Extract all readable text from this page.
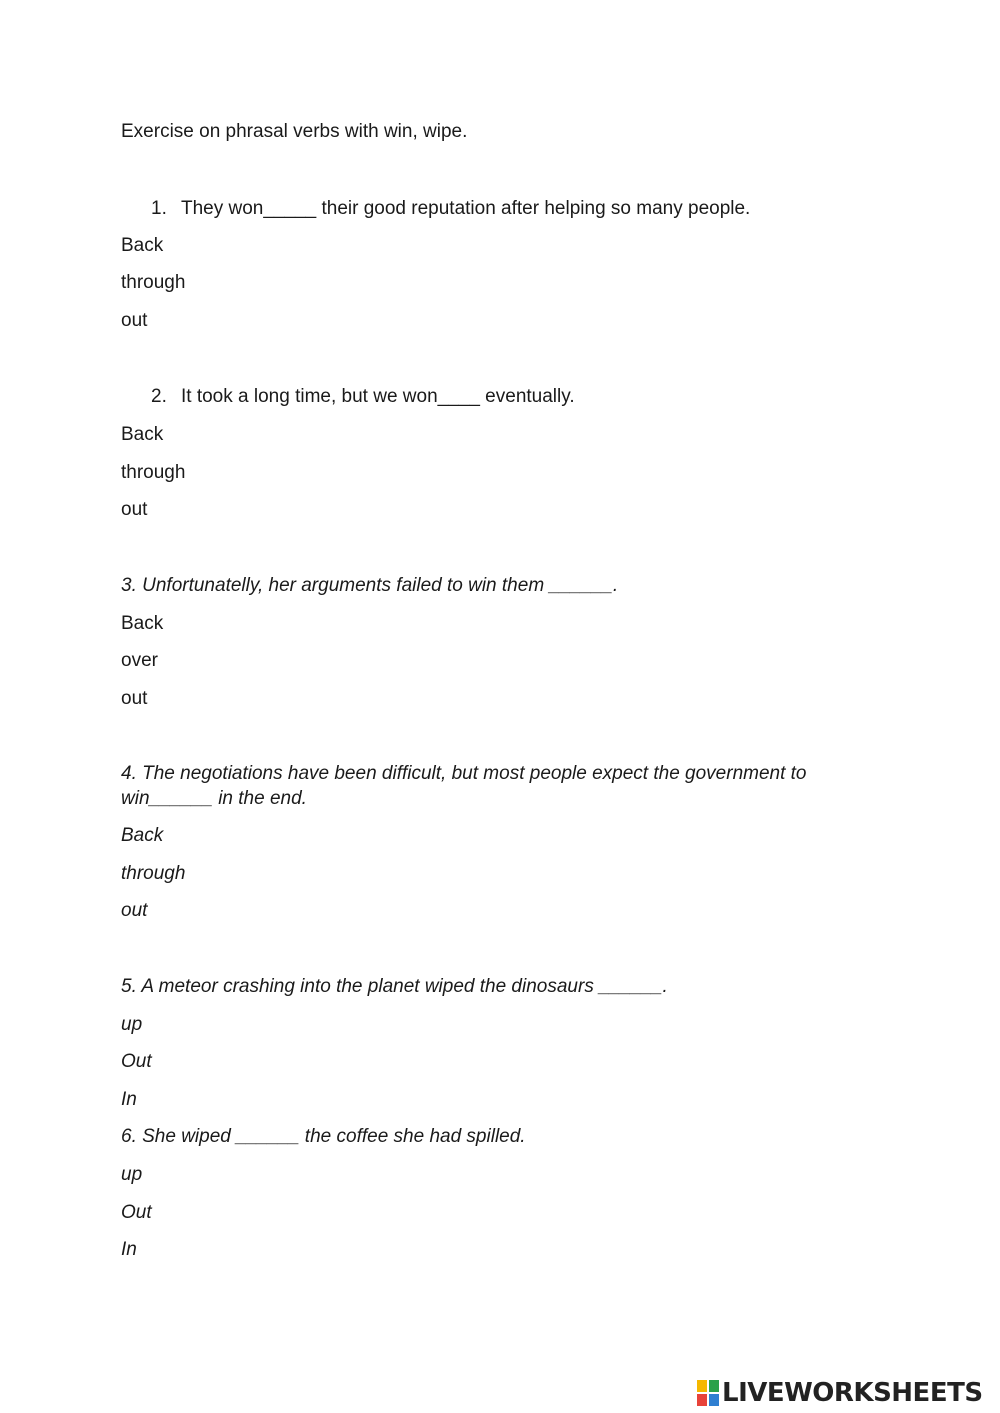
Exercise on phrasal verbs with win, wipe.
1. They won_____ their good reputation after helping so many people.
Back
through
out
2. It took a long time, but we won____ eventually.
Back
through
out
3. Unfortunatelly, her arguments failed to win them ______.
Back
over
out
4. The negotiations have been difficult, but most people expect the government to
win______ in the end.
Back
through
out
5. A meteor crashing into the planet wiped the dinosaurs ______.
up
Out
In
6. She wiped ______ the coffee she had spilled.
up
Out
In
LIVEWORKSHEETS
